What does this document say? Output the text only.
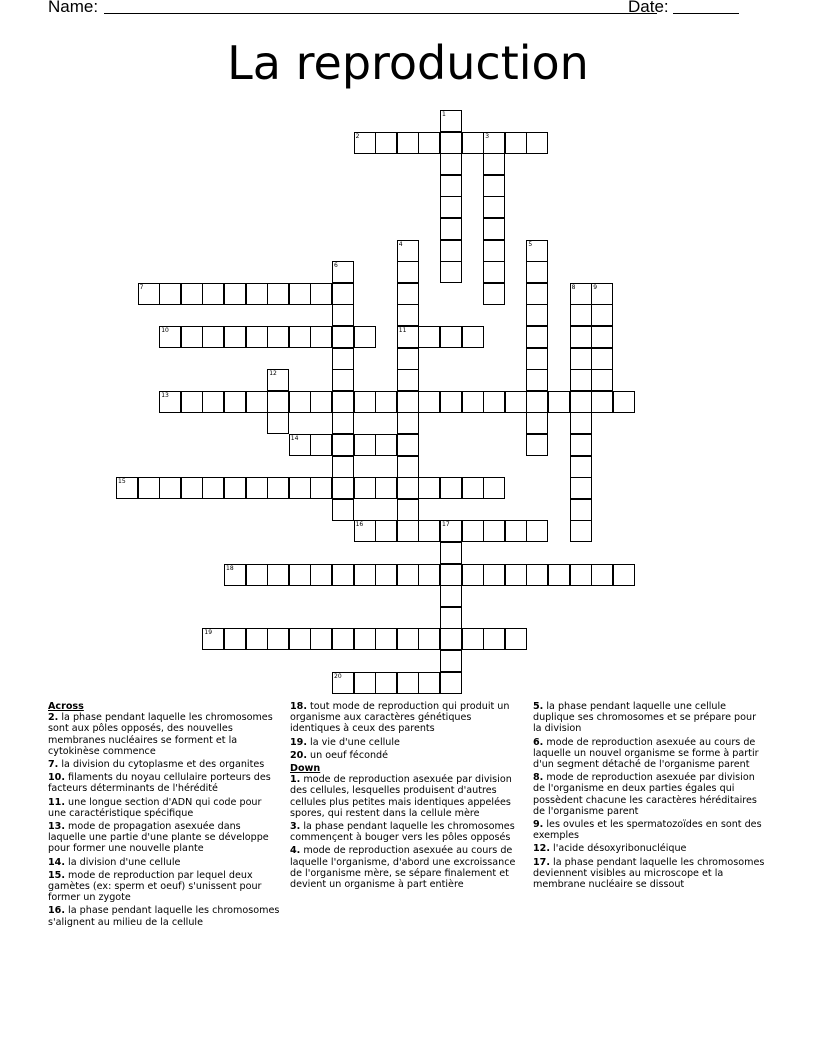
Name:	Date:
La reproduction
1
2	3
4
11
5
6
7	8	9
10
12
13
14
15
16	17
18
19
20
Across
2. la phase pendant laquelle les chromosomes sont aux pôles opposés, des nouvelles membranes nucléaires se forment et la cytokinèse commence
7. la division du cytoplasme et des organites
10. filaments du noyau cellulaire porteurs des facteurs déterminants de l'hérédité
11. une longue section d'ADN qui code pour une caractéristique spécifique
13. mode de propagation asexuée dans laquelle une partie d'une plante se développe pour former une nouvelle plante
14. la division d'une cellule
15. mode de reproduction par lequel deux gamètes (ex: sperm et oeuf) s'unissent pour former un zygote
16. la phase pendant laquelle les chromosomes s'alignent au milieu de la cellule
18. tout mode de reproduction qui produit un organisme aux caractères génétiques identiques à ceux des parents
19. la vie d'une cellule
20. un oeuf fécondé
Down
1. mode de reproduction asexuée par division des cellules, lesquelles produisent d'autres cellules plus petites mais identiques appelées spores, qui restent dans la cellule mère
3. la phase pendant laquelle les chromosomes commençent à bouger vers les pôles opposés
4. mode de reproduction asexuée au cours de laquelle l'organisme, d'abord une excroissance de l'organisme mère, se sépare finalement et devient un organisme à part entière
5. la phase pendant laquelle une cellule duplique ses chromosomes et se prépare pour la division
6. mode de reproduction asexuée au cours de laquelle un nouvel organisme se forme à partir d'un segment détaché de l'organisme parent
8. mode de reproduction asexuée par division de l'organisme en deux parties égales qui possèdent chacune les caractères héréditaires de l'organisme parent
9. les ovules et les spermatozoïdes en sont des exemples
12. l'acide désoxyribonucléique
17. la phase pendant laquelle les chromosomes deviennent visibles au microscope et la membrane nucléaire se dissout
